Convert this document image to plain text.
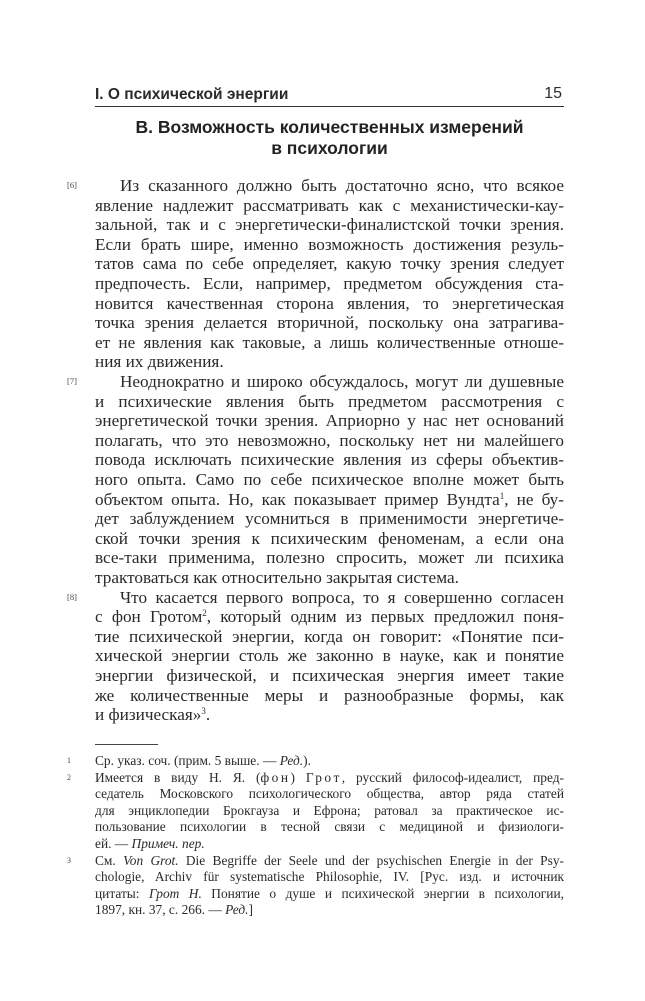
I. О психической энергии	15
В. Возможность количественных измерений
в психологии
[6]	Из сказанного должно быть достаточно ясно, что всякое
явление надлежит рассматривать как с механистически-кау-
зальной, так и с энергетически-финалистской точки зрения.
Если брать шире, именно возможность достижения резуль-
татов сама по себе определяет, какую точку зрения следует
предпочесть. Если, например, предметом обсуждения ста-
новится качественная сторона явления, то энергетическая
точка зрения делается вторичной, поскольку она затрагива-
ет не явления как таковые, а лишь количественные отноше-
ния их движения.
[7]	Неоднократно и широко обсуждалось, могут ли душевные
и психические явления быть предметом рассмотрения с
энергетической точки зрения. Априорно у нас нет оснований
полагать, что это невозможно, поскольку нет ни малейшего
повода исключать психические явления из сферы объектив-
ного опыта. Само по себе психическое вполне может быть
объектом опыта. Но, как показывает пример Вундта$^1$, не бу-
дет заблуждением усомниться в применимости энергетиче-
ской точки зрения к психическим феноменам, а если она
все-таки применима, полезно спросить, может ли психика
трактоваться как относительно закрытая система.
[8]	Что касается первого вопроса, то я совершенно согласен
с фон Гротом$^2$, который одним из первых предложил поня-
тие психической энергии, когда он говорит: «Понятие пси-
хической энергии столь же законно в науке, как и понятие
энергии физической, и психическая энергия имеет такие
же количественные меры и разнообразные формы, как
и физическая»$^3$.
1 Ср. указ. соч. (прим. 5 выше. — Ред.).
2 Имеется в виду Н. Я. (фон) Грот, русский философ-идеалист, пред-
седатель Московского психологического общества, автор ряда статей
для энциклопедии Брокгауза и Ефрона; ратовал за практическое ис-
пользование психологии в тесной связи с медициной и физиологи-
ей. — Примеч. пер.
3 См. Von Grot. Die Begriffe der Seele und der psychischen Energie in der Psy-
chologie, Archiv für systematische Philosophie, IV. [Рус. изд. и источник
цитаты: Грот Н. Понятие о душе и психической энергии в психологии,
1897, кн. 37, с. 266. — Ред.]
